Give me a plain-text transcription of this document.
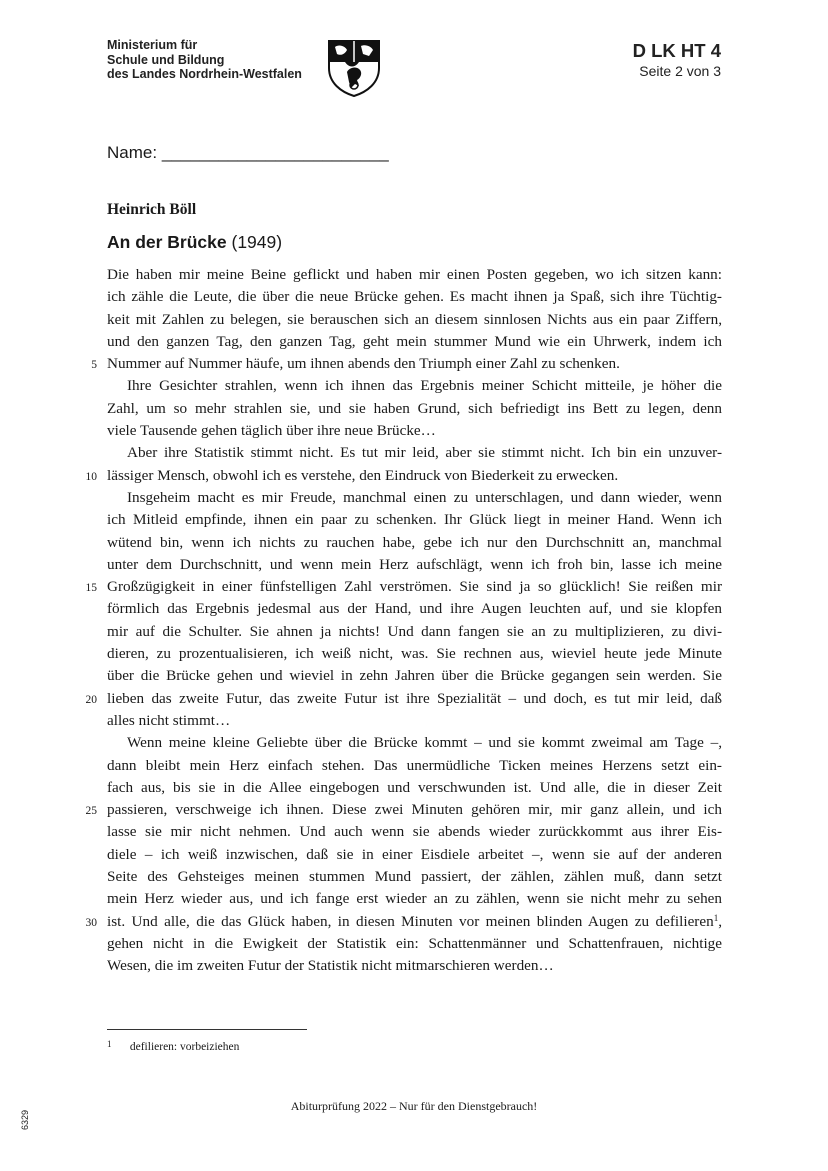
Ministerium für
Schule und Bildung
des Landes Nordrhein-Westfalen
D LK HT 4
Seite 2 von 3
Name: ________________________
Heinrich Böll
An der Brücke (1949)
Die haben mir meine Beine geflickt und haben mir einen Posten gegeben, wo ich sitzen kann:
ich zähle die Leute, die über die neue Brücke gehen. Es macht ihnen ja Spaß, sich ihre Tüchtig-
keit mit Zahlen zu belegen, sie berauschen sich an diesem sinnlosen Nichts aus ein paar Ziffern,
und den ganzen Tag, den ganzen Tag, geht mein stummer Mund wie ein Uhrwerk, indem ich
5 Nummer auf Nummer häufe, um ihnen abends den Triumph einer Zahl zu schenken.
Ihre Gesichter strahlen, wenn ich ihnen das Ergebnis meiner Schicht mitteile, je höher die
Zahl, um so mehr strahlen sie, und sie haben Grund, sich befriedigt ins Bett zu legen, denn
viele Tausende gehen täglich über ihre neue Brücke…
Aber ihre Statistik stimmt nicht. Es tut mir leid, aber sie stimmt nicht. Ich bin ein unzuver-
10 lässiger Mensch, obwohl ich es verstehe, den Eindruck von Biederkeit zu erwecken.
Insgeheim macht es mir Freude, manchmal einen zu unterschlagen, und dann wieder, wenn
ich Mitleid empfinde, ihnen ein paar zu schenken. Ihr Glück liegt in meiner Hand. Wenn ich
wütend bin, wenn ich nichts zu rauchen habe, gebe ich nur den Durchschnitt an, manchmal
unter dem Durchschnitt, und wenn mein Herz aufschlägt, wenn ich froh bin, lasse ich meine
15 Großzügigkeit in einer fünfstelligen Zahl verströmen. Sie sind ja so glücklich! Sie reißen mir
förmlich das Ergebnis jedesmal aus der Hand, und ihre Augen leuchten auf, und sie klopfen
mir auf die Schulter. Sie ahnen ja nichts! Und dann fangen sie an zu multiplizieren, zu divi-
dieren, zu prozentualisieren, ich weiß nicht, was. Sie rechnen aus, wieviel heute jede Minute
über die Brücke gehen und wieviel in zehn Jahren über die Brücke gegangen sein werden. Sie
20 lieben das zweite Futur, das zweite Futur ist ihre Spezialität – und doch, es tut mir leid, daß
alles nicht stimmt…
Wenn meine kleine Geliebte über die Brücke kommt – und sie kommt zweimal am Tage –,
dann bleibt mein Herz einfach stehen. Das unermüdliche Ticken meines Herzens setzt ein-
fach aus, bis sie in die Allee eingebogen und verschwunden ist. Und alle, die in dieser Zeit
25 passieren, verschweige ich ihnen. Diese zwei Minuten gehören mir, mir ganz allein, und ich
lasse sie mir nicht nehmen. Und auch wenn sie abends wieder zurückkommt aus ihrer Eis-
diele – ich weiß inzwischen, daß sie in einer Eisdiele arbeitet –, wenn sie auf der anderen
Seite des Gehsteiges meinen stummen Mund passiert, der zählen, zählen muß, dann setzt
mein Herz wieder aus, und ich fange erst wieder an zu zählen, wenn sie nicht mehr zu sehen
30 ist. Und alle, die das Glück haben, in diesen Minuten vor meinen blinden Augen zu defilieren$^1$,
gehen nicht in die Ewigkeit der Statistik ein: Schattenmänner und Schattenfrauen, nichtige
Wesen, die im zweiten Futur der Statistik nicht mitmarschieren werden…
1 defilieren: vorbeiziehen
Abiturprüfung 2022 – Nur für den Dienstgebrauch!
6329
